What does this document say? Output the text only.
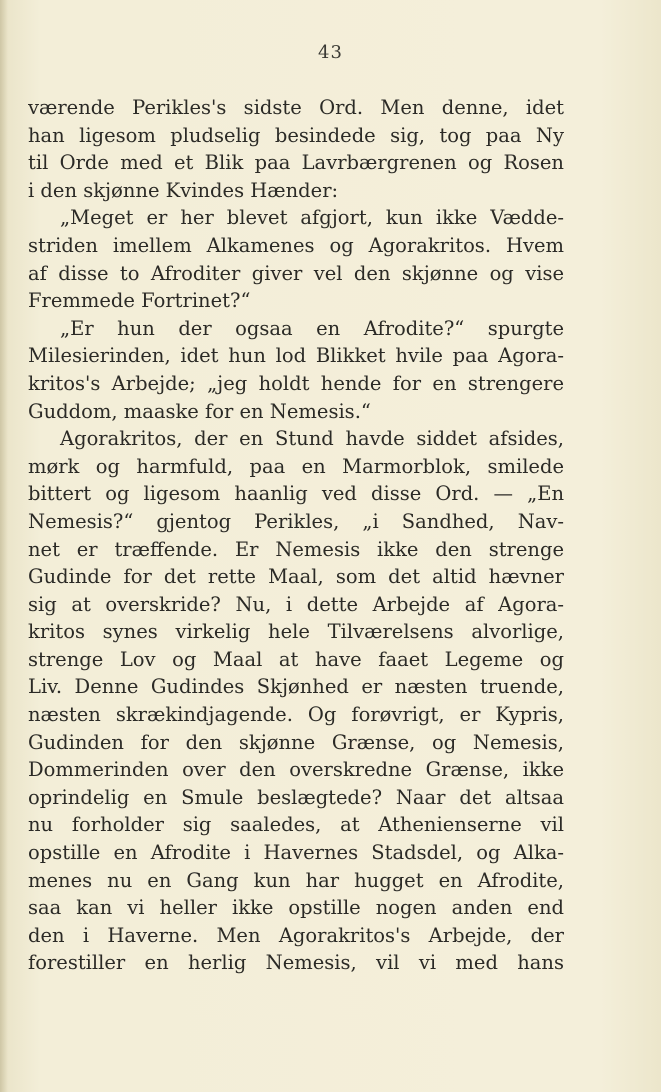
43
værende Perikles's sidste Ord. Men denne, idet
han ligesom pludselig besindede sig, tog paa Ny
til Orde med et Blik paa Lavrbærgrenen og Rosen
i den skjønne Kvindes Hænder:
„Meget er her blevet afgjort, kun ikke Vædde-
striden imellem Alkamenes og Agorakritos. Hvem
af disse to Afroditer giver vel den skjønne og vise
Fremmede Fortrinet?“
„Er hun der ogsaa en Afrodite?“ spurgte
Milesierinden, idet hun lod Blikket hvile paa Agora-
kritos's Arbejde; „jeg holdt hende for en strengere
Guddom, maaske for en Nemesis.“
Agorakritos, der en Stund havde siddet afsides,
mørk og harmfuld, paa en Marmorblok, smilede
bittert og ligesom haanlig ved disse Ord. — „En
Nemesis?“ gjentog Perikles, „i Sandhed, Nav-
net er træffende. Er Nemesis ikke den strenge
Gudinde for det rette Maal, som det altid hævner
sig at overskride? Nu, i dette Arbejde af Agora-
kritos synes virkelig hele Tilværelsens alvorlige,
strenge Lov og Maal at have faaet Legeme og
Liv. Denne Gudindes Skjønhed er næsten truende,
næsten skrækindjagende. Og forøvrigt, er Kypris,
Gudinden for den skjønne Grænse, og Nemesis,
Dommerinden over den overskredne Grænse, ikke
oprindelig en Smule beslægtede? Naar det altsaa
nu forholder sig saaledes, at Athenienserne vil
opstille en Afrodite i Havernes Stadsdel, og Alka-
menes nu en Gang kun har hugget en Afrodite,
saa kan vi heller ikke opstille nogen anden end
den i Haverne. Men Agorakritos's Arbejde, der
forestiller en herlig Nemesis, vil vi med hans
